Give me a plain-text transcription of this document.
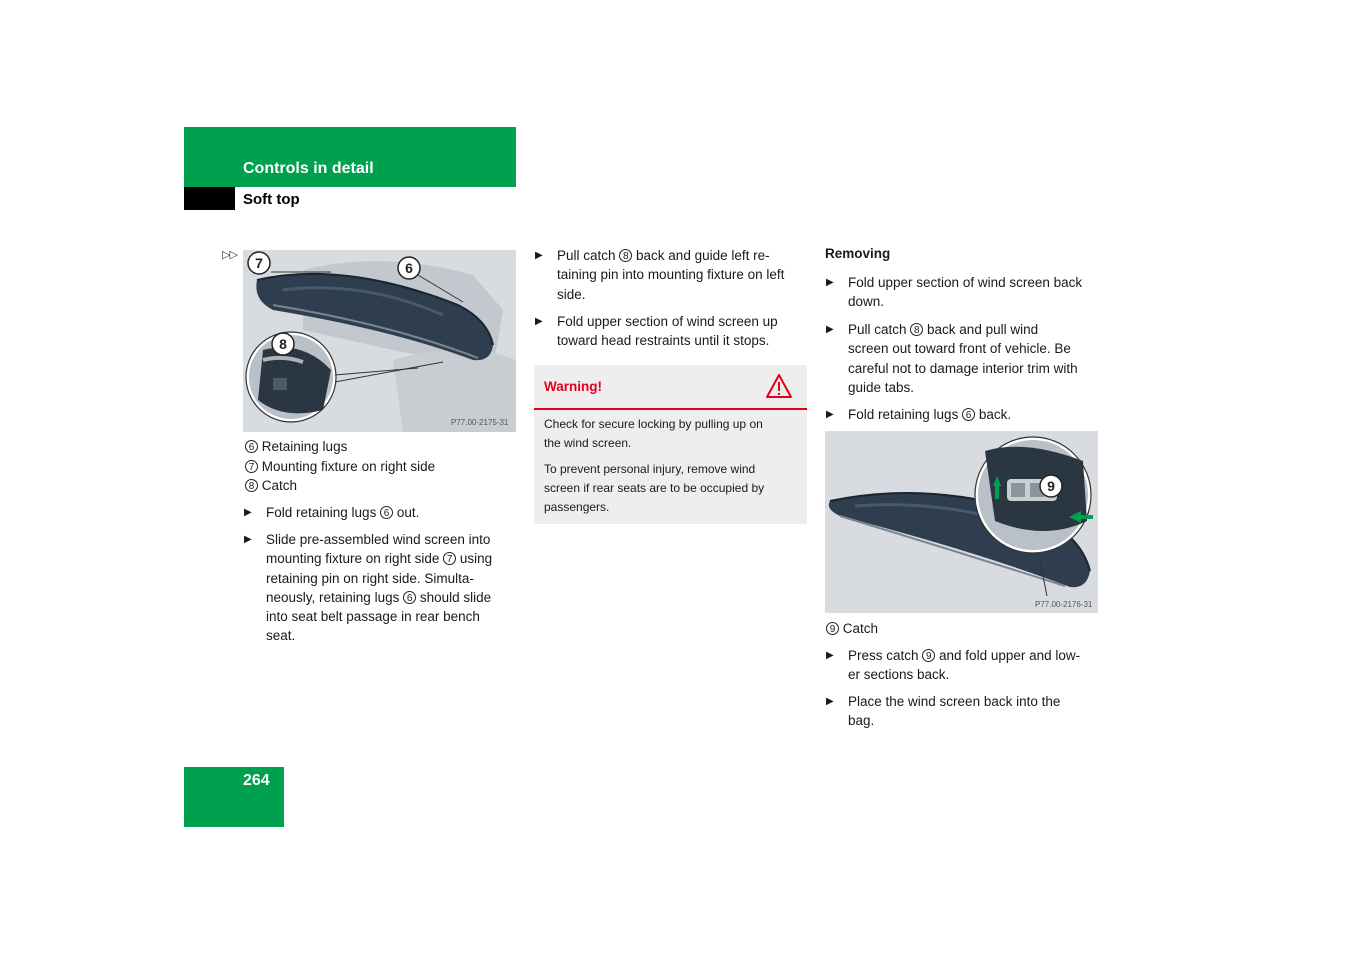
Controls in detail
Soft top
▷▷ 7	6
8
P77.00-2175-31
6 Retaining lugs
7 Mounting fixture on right side
8 Catch
▶ Fold retaining lugs 6 out.
▶ Slide pre-assembled wind screen into
mounting fixture on right side 7 using
retaining pin on right side. Simulta-
neously, retaining lugs 6 should slide
into seat belt passage in rear bench
seat.
▶ Pull catch 8 back and guide left re-
taining pin into mounting fixture on left
side.
▶ Fold upper section of wind screen up
toward head restraints until it stops.
Warning!
Check for secure locking by pulling up on
the wind screen.
To prevent personal injury, remove wind
screen if rear seats are to be occupied by
passengers.
Removing
▶ Fold upper section of wind screen back
down.
▶ Pull catch 8 back and pull wind
screen out toward front of vehicle. Be
careful not to damage interior trim with
guide tabs.
▶ Fold retaining lugs 6 back.
9
P77.00-2176-31
9 Catch
▶ Press catch 9 and fold upper and low-
er sections back.
▶ Place the wind screen back into the
bag.
264
